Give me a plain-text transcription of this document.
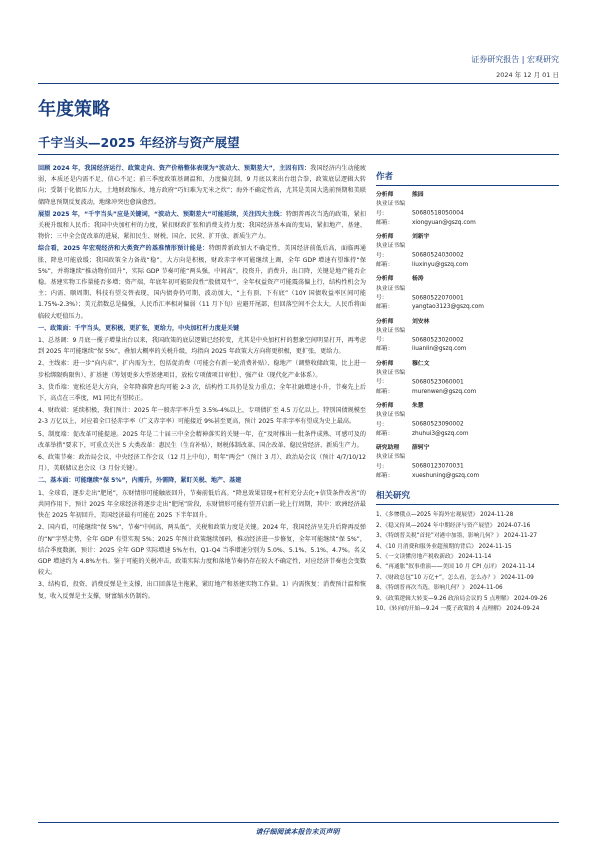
证券研究报告 | 宏观研究
2024 年 12 月 01 日
年度策略
千宇当头—2025 年经济与资产展望

回顾 2024 年，我国经济运行、政策走向、资产价格整体表现为“波动大、预期差大”，主因有四：我国经济内生动能疲弱，本质还是内需不足，信心不足；前三季度政策基调温和，力度偏克制，9 月底以来出台组合拳，政策底层逻辑大转向；受制于化债压力大，土地财政缩水，地方政府“巧妇难为无米之炊”；海外不确定性高，尤其是美国大选前预期和美联储降息预期反复波动，地缘冲突也愈演愈烈。

展望 2025 年，“千宇当头”应是关键词，“波动大、预期差大”可能延续，关注四大主线：特朗普再次当选的政策，紧扣关税升级和人民币；我国中央加杠杆的力度，紧扣财政扩张和消费支持力度；我国经济基本面的变局，紧扣地产、基建、物价；三中全会促改革的进展，紧扣民生、财税、国企、民营、扩开放、新质生产力。

综合看，2025 年宏观经济和大类资产的基准情形预计能是：特朗普新政加大不确定性，美国经济前低后高，面临再通胀，降息可能放缓；我国政策全力备战“稳”，大方向是积极，财政赤字率可能继续上调，全年 GDP 增速有望维持“保 5%”，并将继续“推动物价回升”，实际 GDP 节奏可能“两头强，中间高”，投资升，消费升，出口降，关键是地产能否企稳。基建实物工作量能否多增；资产端，年底年初可能阶段性“股债双牛”，全年权益资产可能震荡偏上行，结构性机会为主；内需、顺周期、科技有望交替表现，国内债券仍可期，波动加大，“上有顶、下有底”（10Y 国债收益率区间可能 1.75%-2.3%）；美元指数总是偏强，人民币汇率相对偏弱（11 月下旬）应避开尾部，但回落空间不会太大，人民币将面临较大贬值压力。

一、政策面：千宇当头，更积极，更扩张，更给力，中央加杠杆力度是关键

1、总基调：9 月底一揽子增量出台以来，我国政策的底层逻辑已经转变，尤其是中央加杠杆的想象空间明显打开，再考虑到 2025 年可能继续“保 5%”，叠加大概率的关税升级，均指向 2025 年政策大方向将更积极，更扩张，更给力。

2、主线索：进一步“向内求”，扩内需为主，包括促消费（可能会有新一轮消费补贴）、稳地产（调整收储政策，比上进一步松绑限购限售）、扩基建（筹划更多大型基建项目，放松专项债项目审批），强产业（现代化产业体系）。

3、货币端：宽松还是大方向，全年降准降息均可能 2-3 次，结构性工具仍是发力重点；全年社融增速小升，节奏先上后下，高点在三季度，M1 同比有望转正。

4、财政端：延续积极，我们预计：2025 年一般赤字率升至 3.5%-4%以上，专项债扩至 4.5 万亿以上，特别国债规模至 2-3 万亿以上，对应着全口径赤字率（广义赤字率）可能接近 9%甚至更高，预计 2025 年赤字率有望成为史上最高。

5、制度端：促改革可能提速。2025 年是二十届三中全会精神落实的关键一年，在“及时推出一批条件成熟、可感可及的改革举措”要求下，可重点关注 5 大类改革：惠民生（生育补贴），财税体制改革、国企改革、稳民营经济、新质生产力。

6、政策节奏：政治局会议，中央经济工作会议（12 月上中旬），明年“两会”（预计 3 月）、政治局会议（预计 4/7/10/12 月），美联储议息会议（3 月份关键）。

二、基本面：可能继续“保 5%”，内需升，外需降，紧盯关税、地产、基建

1、全球看，逐步走出“肥尾”，东财情形可能触底回升，节奏前低后高。“降息效果显现+杠杆充分去化+信贷条件改善”的共同作用下，预计 2025 年全球经济将逐步走出“肥尾”阶段，东财情形可能有望开启新一轮上行周期，其中：欧洲经济最快在 2025 年初回升，美国经济最有可能在 2025 下半年回升。

2、国内看，可能继续“保 5%”，节奏“中间高、两头低”，关税和政策力度是关键。2024 年，我国经济呈先升后降再反弹的“N”字型走势，全年 GDP 有望实现 5%；2025 年预计政策继续加码，推动经济进一步修复，全年可能继续“保 5%”，结合季度数据，预计：2025 全年 GDP 实际增速 5%左右，Q1-Q4 当季增速分别为 5.0%、5.1%、5.1%、4.7%。名义 GDP 增速约为 4.8%左右。鉴于可能的关税冲击，政策实际力度和落地节奏仍存在较大不确定性，对应经济节奏也会变数较大。

3、结构看，投资、消费反弹是主支撑，出口回落是主拖累，紧盯地产和基建实物工作量。1）内需恢复：消费预计温和恢复，收入反弹是主支撑，财富缩水仍制约。

作者
分析师	熊园
执业证书编号：	S0680518050004
邮箱：	xiongyuan@gszq.com
分析师	刘新宇
执业证书编号：	S0680524030002
邮箱：	liuxinyu@gszq.com
分析师	杨涛
执业证书编号：	S0680522070001
邮箱：	yangtao3123@gszq.com
分析师	刘安林
执业证书编号：	S0680523020002
邮箱：	liuanlin@gszq.com
分析师	穆仁文
执业证书编号：	S0680523060001
邮箱：	murenwen@gszq.com
分析师	朱慧
执业证书编号：	S0680523090002
邮箱：	zhuhui3@gszq.com
研究助理 薛轲宁
执业证书编号：	S0680123070031
邮箱：	xueshuning@gszq.com
相关研究
1、《多惨俄点—2025 年海外宏观展望》 2024-11-28
2、《稳又侍风—2024 年中期经济与资产展望》 2024-07-16
3、《特朗普关税“首轮”对港中加墨，影响几何？》 2024-11-27
4、《10 月消费和服务业超预期的背后》 2024-11-15
5、《一文读懂房地产税收新政》 2024-11-14
6、“再通胀”叙事重演——美国 10 月 CPI 点评》 2024-11-14
7、《财政总包“10 万亿+”，怎么看，怎么办？》 2024-11-09
8、《特朗普再次当选，影响几何？》 2024-11-06
9、《政策逻辑大转变—9.26 政治局会议的 5 点理解》 2024-09-26
10、《转向的开始—9.24 一揽子政策的 4 点理解》 2024-09-24
请仔细阅读本报告末页声明
